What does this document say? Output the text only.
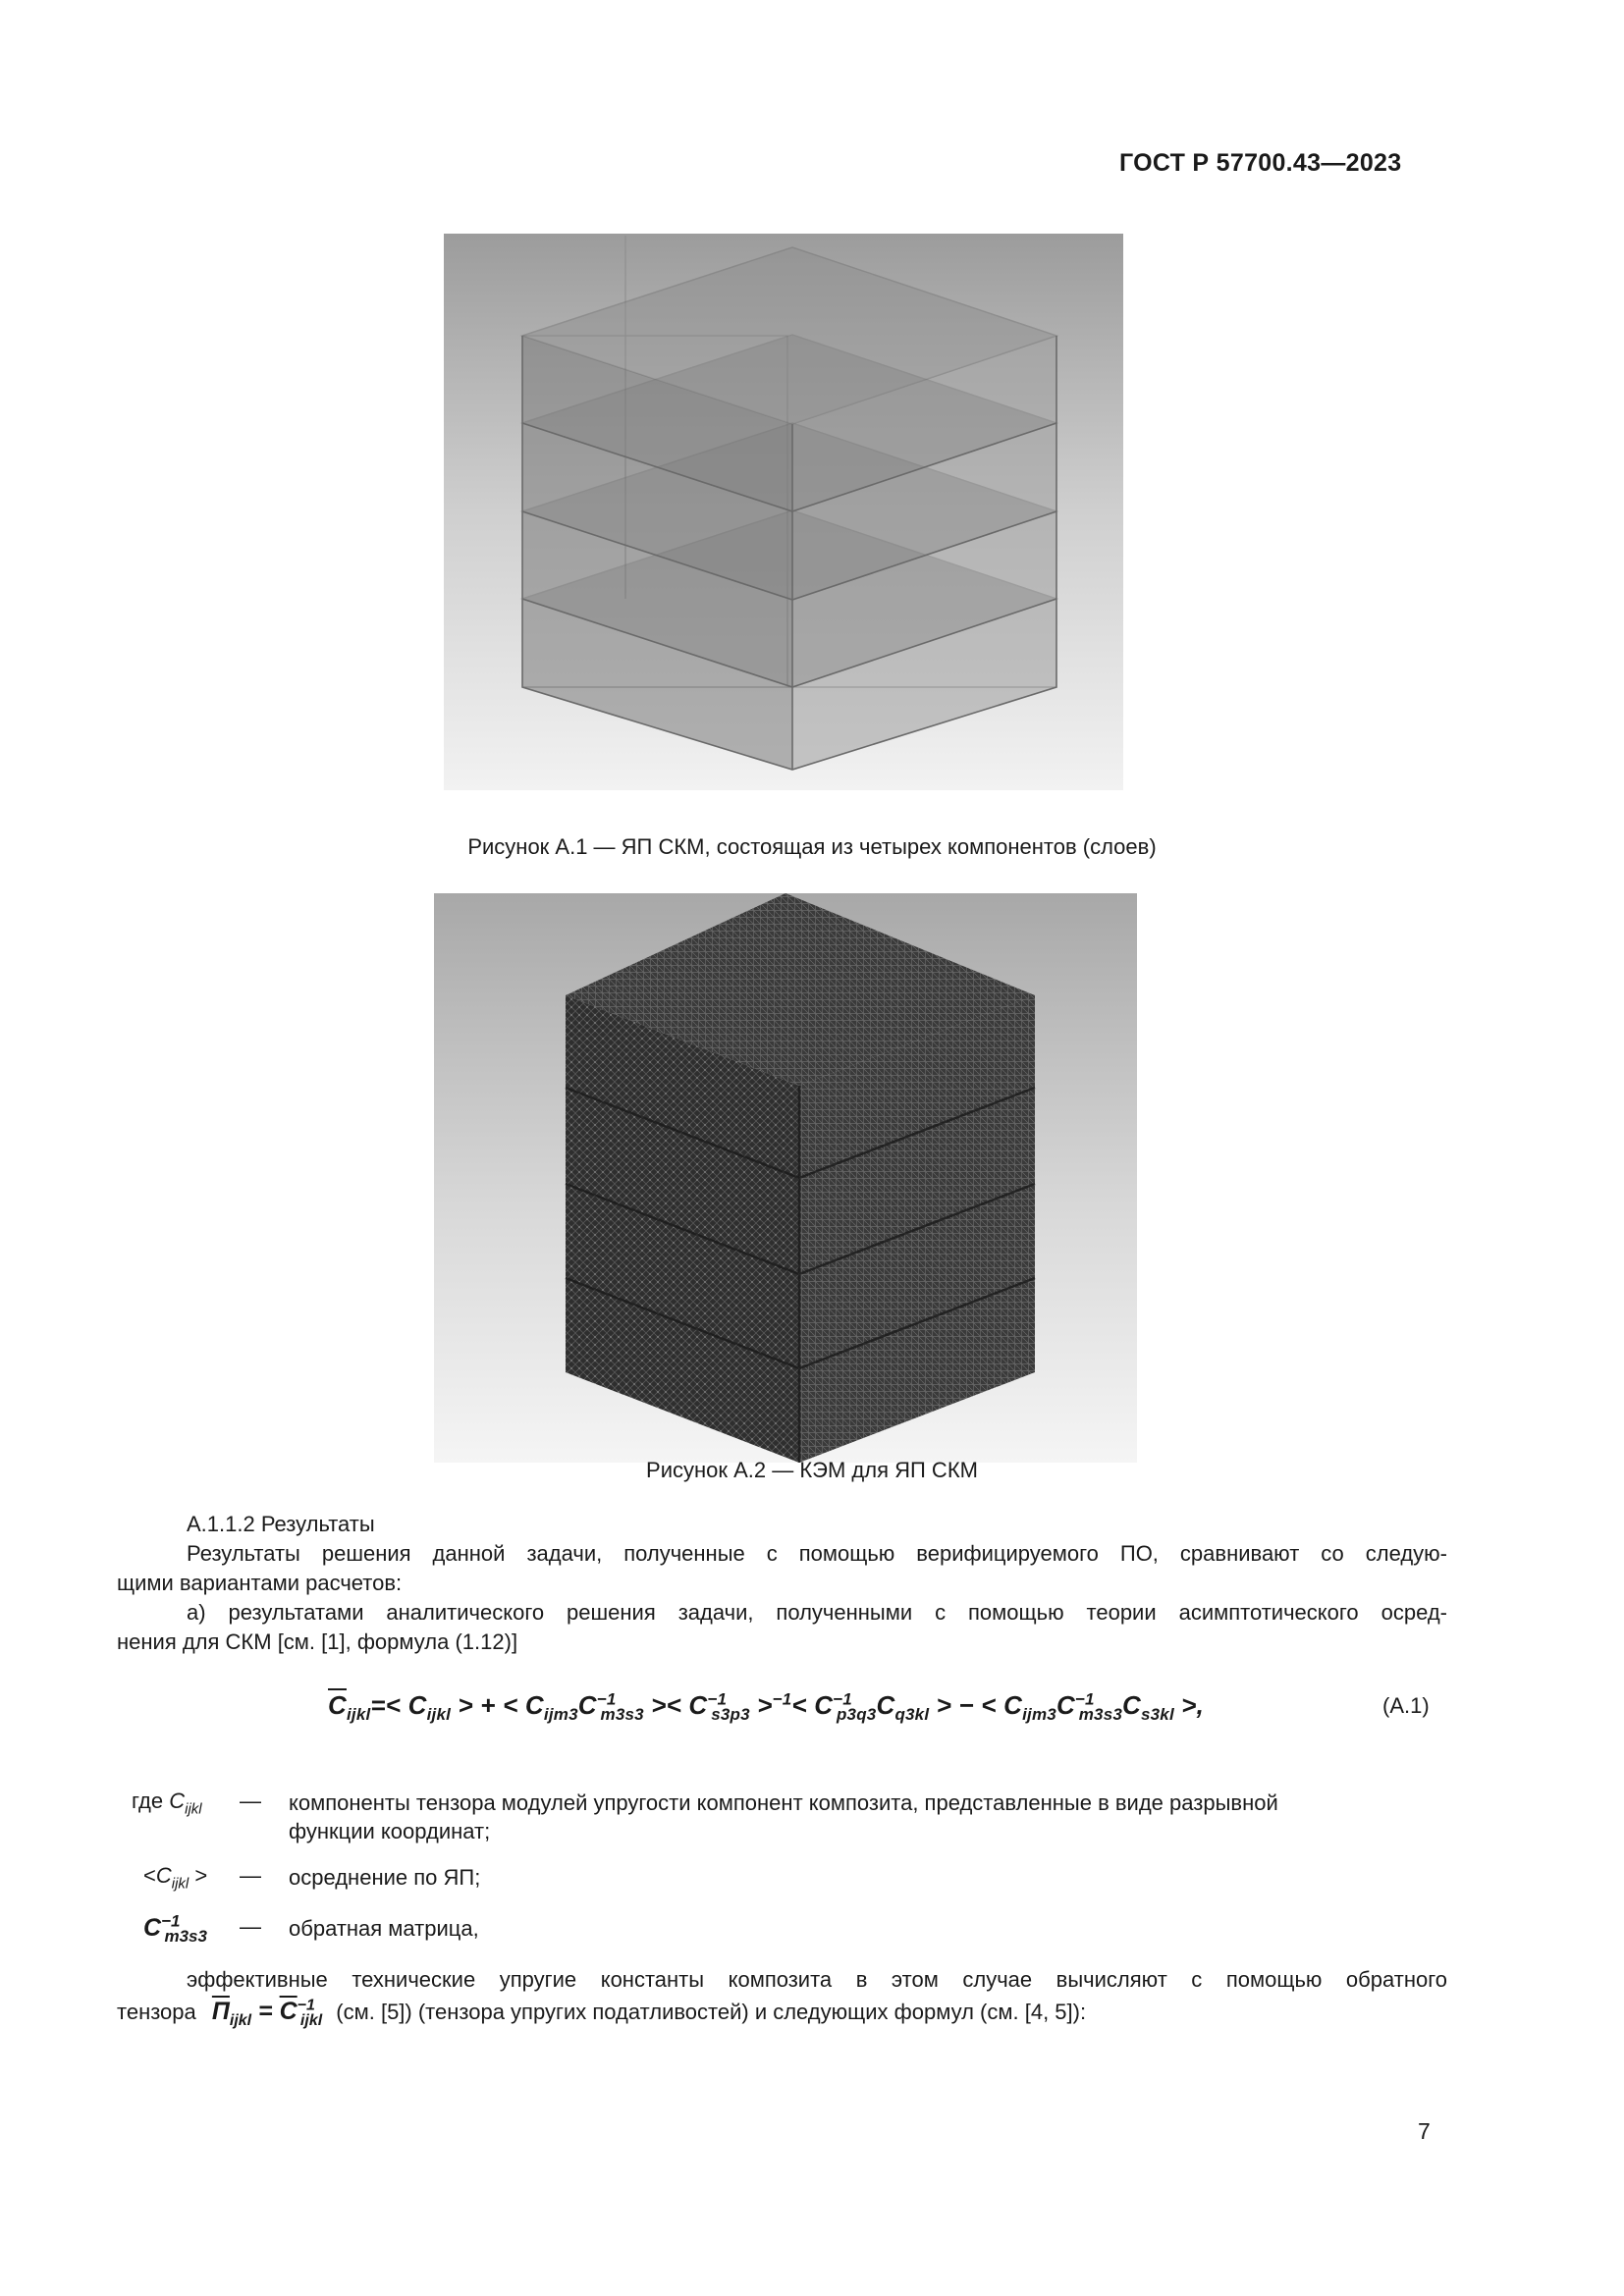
ГОСТ Р 57700.43—2023
Рисунок А.1 — ЯП СКМ, состоящая из четырех компонентов (слоев)
Рисунок А.2 — КЭМ для ЯП СКМ
А.1.1.2 Результаты
Результаты решения данной задачи, полученные с помощью верифицируемого ПО, сравнивают со следую-
щими вариантами расчетов:
а) результатами аналитического решения задачи, полученными с помощью теории асимптотического осред-
нения для СКМ [см. [1], формула (1.12)]
$\overline{C}_{ijkl}=< C_{ijkl}$ > + < $C_{ijm3}C^{-1}_{m3s3} >< C^{-1}_{s3p3} >^{-1}< C^{-1}_{p3q3}C_{q3kl}$ > − < $C_{ijm3}C^{-1}_{m3s3}C_{s3kl}$ >,	(А.1)
где $C_{ijkl}$ — компоненты тензора модулей упругости компонент композита, представленные в виде разрывной
функции координат;
$<C_{ijkl}$ > — осреднение по ЯП;
$C^{-1}_{m3s3}$ — обратная матрица,
эффективные технические упругие константы композита в этом случае вычисляют с помощью обратного
тензора $П_{ijkl} = \overline{C}^{-1}_{ijkl}$ (см. [5]) (тензора упругих податливостей) и следующих формул (см. [4, 5]):
7
